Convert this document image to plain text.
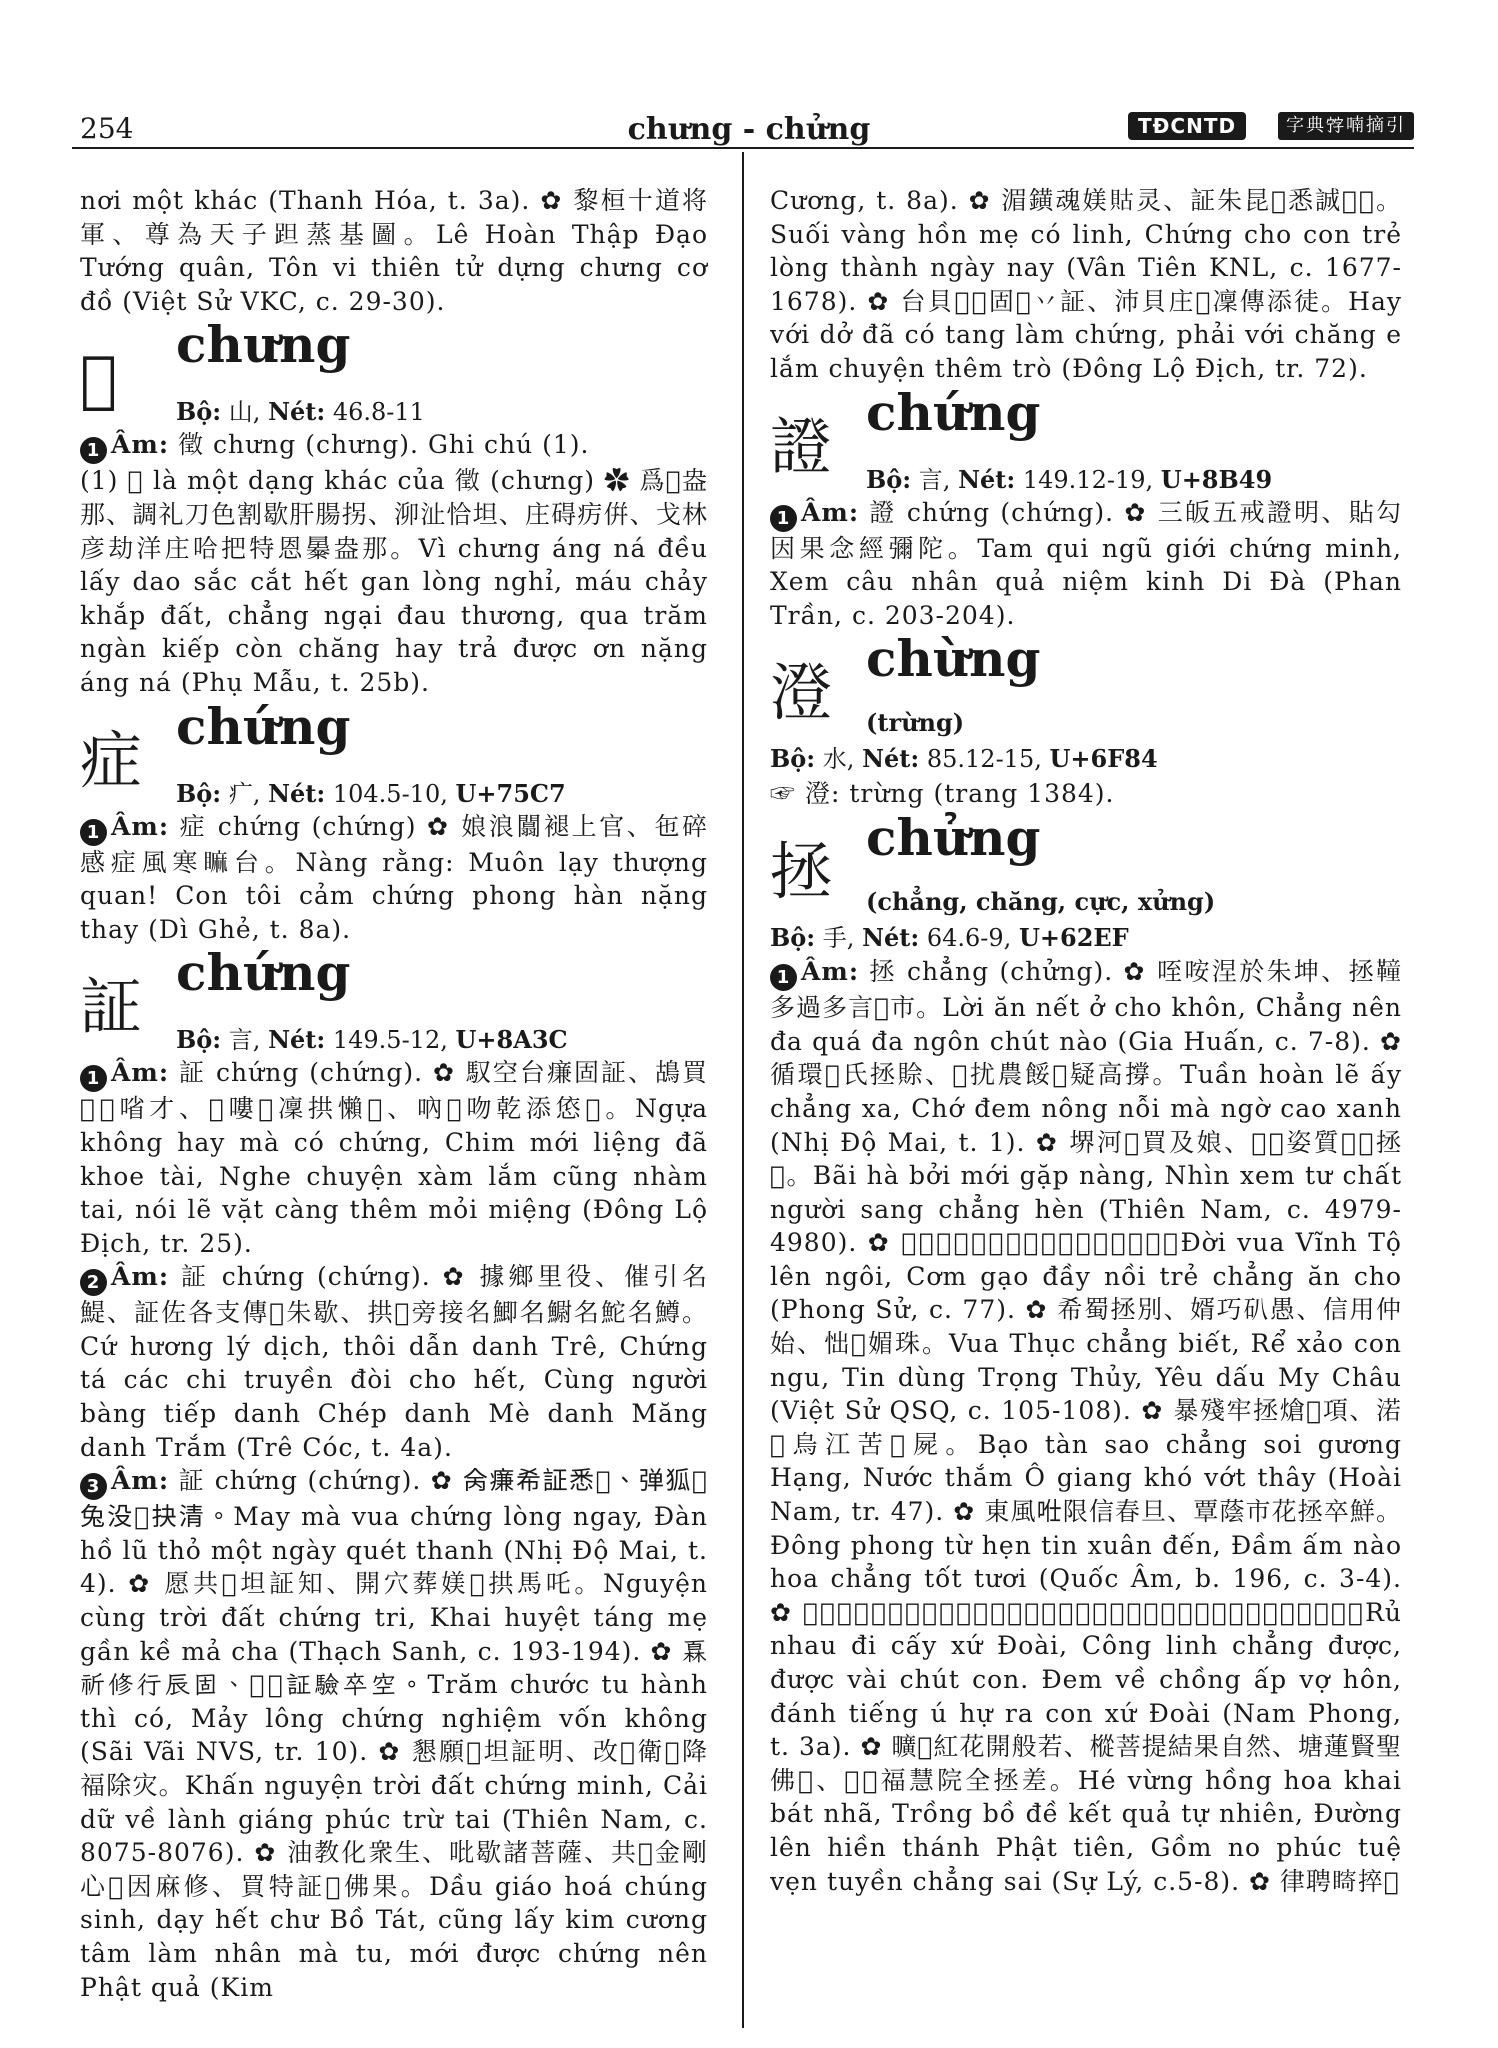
254	chưng - chửng	TĐCNTD	字典𡨸喃摘引

nơi một khác (Thanh Hóa, t. 3a). ✿ 黎桓十道将軍、尊為天子𨀏蒸基圖。Lê Hoàn Thập Đạo Tướng quân, Tôn vi thiên tử dựng chưng cơ đồ (Việt Sử VKC, c. 29-30).

𡽫 chưng
Bộ: 山, Nét: 46.8-11

1 Âm: 徵 chưng (chưng). Ghi chú (1).

(1) 𡽫 là một dạng khác của 徵 (chưng) ✿ 爲𡽫盎那、調礼刀色割歇肝腸拐、泖沚恰坦、庄碍疠倂、戈林彦劫洋庄哈把特恩㬥盎那。Vì chưng áng ná đều lấy dao sắc cắt hết gan lòng nghỉ, máu chảy khắp đất, chẳng ngại đau thương, qua trăm ngàn kiếp còn chăng hay trả được ơn nặng áng ná (Phụ Mẫu, t. 25b).

症 chứng
Bộ: 疒, Nét: 104.5-10, U+75C7

1 Âm: 症 chứng (chứng) ✿ 娘浪闒褪上官、㐌碎感症風寒𥊚台。Nàng rằng: Muôn lạy thượng quan! Con tôi cảm chứng phong hàn nặng thay (Dì Ghẻ, t. 8a).

証 chứng
Bộ: 言, Nét: 149.5-12, U+8A3C

1 Âm: 証 chứng (chứng). ✿ 馭空台㾾固証、鴣買𪜀𠀧㗂才、𦖑嘍𠸗凜拱懶𠴍、吶𥚄吻乾添㥋𣊾。Ngựa không hay mà có chứng, Chim mới liệng đã khoe tài, Nghe chuyện xàm lắm cũng nhàm tai, nói lẽ vặt càng thêm mỏi miệng (Đông Lộ Địch, tr. 25).

2 Âm: 証 chứng (chứng). ✿ 據鄉里役、催引名鯷、証佐各支傳𠽔朱歇、拱𨁪旁接名鯽名䲁名鮀名鱒。Cứ hương lý dịch, thôi dẫn danh Trê, Chứng tá các chi truyền đòi cho hết, Cùng người bàng tiếp danh Chép danh Mè danh Măng danh Trắm (Trê Cóc, t. 4a).

3 Âm: 証 chứng (chứng). ✿ 𠇮㾾希証悉𥉫、弹狐𡞕兔没𣈗抉清。May mà vua chứng lòng ngay, Đàn hồ lũ thỏ một ngày quét thanh (Nhị Độ Mai, t. 4). ✿ 愿共𡗶坦証知、開穴葬媄𧵆拱馬吒。Nguyện cùng trời đất chứng tri, Khai huyệt táng mẹ gần kề mả cha (Thạch Sanh, c. 193-194). ✿ 𤾓祈修行辰固、𣍊𣯡証驗卒空。Trăm chước tu hành thì có, Mảy lông chứng nghiệm vốn không (Sãi Vãi NVS, tr. 10). ✿ 懇願𡗶坦証明、改𢀨衛𫢩降福除灾。Khấn nguyện trời đất chứng minh, Cải dữ về lành giáng phúc trừ tai (Thiên Nam, c. 8075-8076). ✿ 油教化衆生、吡歇諸菩薩、共𥙩金剛心𡖡因麻修、買特証𬋩佛果。Dầu giáo hoá chúng sinh, dạy hết chư Bồ Tát, cũng lấy kim cương tâm làm nhân mà tu, mới được chứng nên Phật quả (Kim

Cương, t. 8a). ✿ 湄鐄魂媄𧵑灵、証朱昆𦤾悉誠𣈗𦤾。Suối vàng hồn mẹ có linh, Chứng cho con trẻ lòng thành ngày nay (Vân Tiên KNL, c. 1677-1678). ✿ 台貝𠑬𠀧固𢀭丷証、沛貝庄𠯹凜傳添徒。Hay với dở đã có tang làm chứng, phải với chăng e lắm chuyện thêm trò (Đông Lộ Địch, tr. 72).

證 chứng
Bộ: 言, Nét: 149.12-19, U+8B49

1 Âm: 證 chứng (chứng). ✿ 三皈五戒證明、貼勾因果念經彌陀。Tam qui ngũ giới chứng minh, Xem câu nhân quả niệm kinh Di Đà (Phan Trần, c. 203-204).

澄 chừng
(trừng)
Bộ: 水, Nét: 85.12-15, U+6F84

☞ 澄: trừng (trang 1384).

拯 chửng
(chẳng, chăng, cực, xửng)
Bộ: 手, Nét: 64.6-9, U+62EF

1 Âm: 拯 chẳng (chửng). ✿ 咥咹涅於朱坤、拯𩍅多過多言𠁀市。Lời ăn nết ở cho khôn, Chẳng nên đa quá đa ngôn chút nào (Gia Huấn, c. 7-8). ✿ 循環𨤔氏拯賒、𠼵扰農餒𤻻疑高撐。Tuần hoàn lẽ ấy chẳng xa, Chớ đem nông nỗi mà ngờ cao xanh (Nhị Độ Mai, t. 1). ✿ 堺河𪠞買及娘、𥆾𥊘姿質𠊛𣋀拯𨤔。Bãi hà bởi mới gặp nàng, Nhìn xem tư chất người sang chẳng hèn (Thiên Nam, c. 4979-4980). ✿ 𣘃希永祚𨖲𩈘、粓𥻵㳥𡃋𤽗拯咹朱。Đời vua Vĩnh Tộ lên ngôi, Cơm gạo đầy nồi trẻ chẳng ăn cho (Phong Sử, c. 77). ✿ 希蜀拯別、婿巧𥐙愚、信用仲始、㤕𢚸媚珠。Vua Thục chẳng biết, Rể xảo con ngu, Tin dùng Trọng Thủy, Yêu dấu My Châu (Việt Sử QSQ, c. 105-108). ✿ 暴殘牢拯熗𣇊項、渃𥿗烏江苦𢯦屍。Bạo tàn sao chẳng soi gương Hạng, Nước thắm Ô giang khó vớt thây (Hoài Nam, tr. 47). ✿ 東風𠱊限信春旦、覃蔭市花拯卒鮮。Đông phong từ hẹn tin xuân đến, Đầm ấm nào hoa chẳng tốt tươi (Quốc Âm, b. 196, c. 3-4). ✿ 𠹾𩛷𢬣𥻺處兑、工灵拯特、特𠃣𡮈𡮈。𢭮衛𩲡挹𡞕昏、打啫唾吓𠴍𡮈處兑。Rủ nhau đi cấy xứ Đoài, Công linh chẳng được, được vài chút con. Đem về chồng ấp vợ hôn, đánh tiếng ú hự ra con xứ Đoài (Nam Phong, t. 3a). ✿ 曠𣌆紅花開般若、樅菩提結果自然、塘蓮賢聖佛𠊛、𢒎𩛷福慧院全拯差。Hé vừng hồng hoa khai bát nhã, Trồng bồ đề kết quả tự nhiên, Đường lên hiền thánh Phật tiên, Gồm no phúc tuệ vẹn tuyền chẳng sai (Sự Lý, c.5-8). ✿ 律聘𥊘捽𦁁
